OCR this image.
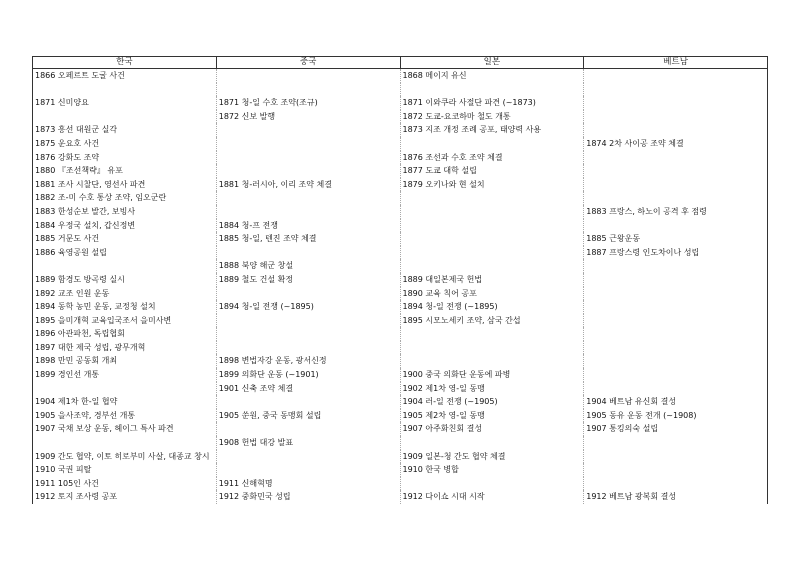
한국	중국	일본	베트남
1866 오페르트 도굴 사건		1868 메이지 유신	

1871 신미양요	1871 청-일 수호 조약(조규)	1871 이와쿠라 사절단 파견 (~1873)	
	1872 신보 발행	1872 도쿄-요코하마 철도 개통	
1873 흥선 대원군 실각		1873 지조 개정 조례 공포, 태양력 사용	
1875 운요호 사건			1874 2차 사이공 조약 체결
1876 강화도 조약		1876 조선과 수호 조약 체결	
1880 『조선책략』 유포		1877 도쿄 대학 설립	
1881 조사 시찰단, 영선사 파견	1881 청-러시아, 이리 조약 체결	1879 오키나와 현 설치	
1882 조-미 수호 통상 조약, 임오군란			
1883 한성순보 발간, 보빙사			1883 프랑스, 하노이 공격 후 점령
1884 우정국 설치, 갑신정변	1884 청-프 전쟁		
1885 거문도 사건	1885 청-일, 텐진 조약 체결		1885 근왕운동
1886 육영공원 설립			1887 프랑스령 인도차이나 성립
	1888 북양 해군 창설		
1889 함경도 방곡령 실시	1889 철도 건설 확정	1889 대일본제국 헌법	
1892 교조 인원 운동		1890 교육 칙어 공포	
1894 동학 농민 운동, 교정청 설치	1894 청-일 전쟁 (~1895)	1894 청-일 전쟁 (~1895)	
1895 을미개혁 교육입국조서 을미사변		1895 시모노세키 조약, 삼국 간섭	
1896 아관파천, 독립협회			
1897 대한 제국 성립, 광무개혁			
1898 만민 공동회 개최	1898 변법자강 운동, 광서신정		
1899 경인선 개통	1899 의화단 운동 (~1901)	1900 중국 의화단 운동에 파병	
	1901 신축 조약 체결	1902 제1차 영-일 동맹	
1904 제1차 한-일 협약		1904 러-일 전쟁 (~1905)	1904 베트남 유신회 결성
1905 을사조약, 경부선 개통	1905 쑨원, 중국 동맹회 설립	1905 제2차 영-일 동맹	1905 동유 운동 전개 (~1908)
1907 국채 보상 운동, 헤이그 특사 파견		1907 아주화친회 결성	1907 통킹의숙 설립
	1908 헌법 대강 발표		
1909 간도 협약, 이토 히로부미 사살, 대종교 창시		1909 일본-청 간도 협약 체결	
1910 국권 피탈		1910 한국 병합	
1911 105인 사건	1911 신해혁명		
1912 토지 조사령 공포	1912 중화민국 성립	1912 다이쇼 시대 시작	1912 베트남 광복회 결성
